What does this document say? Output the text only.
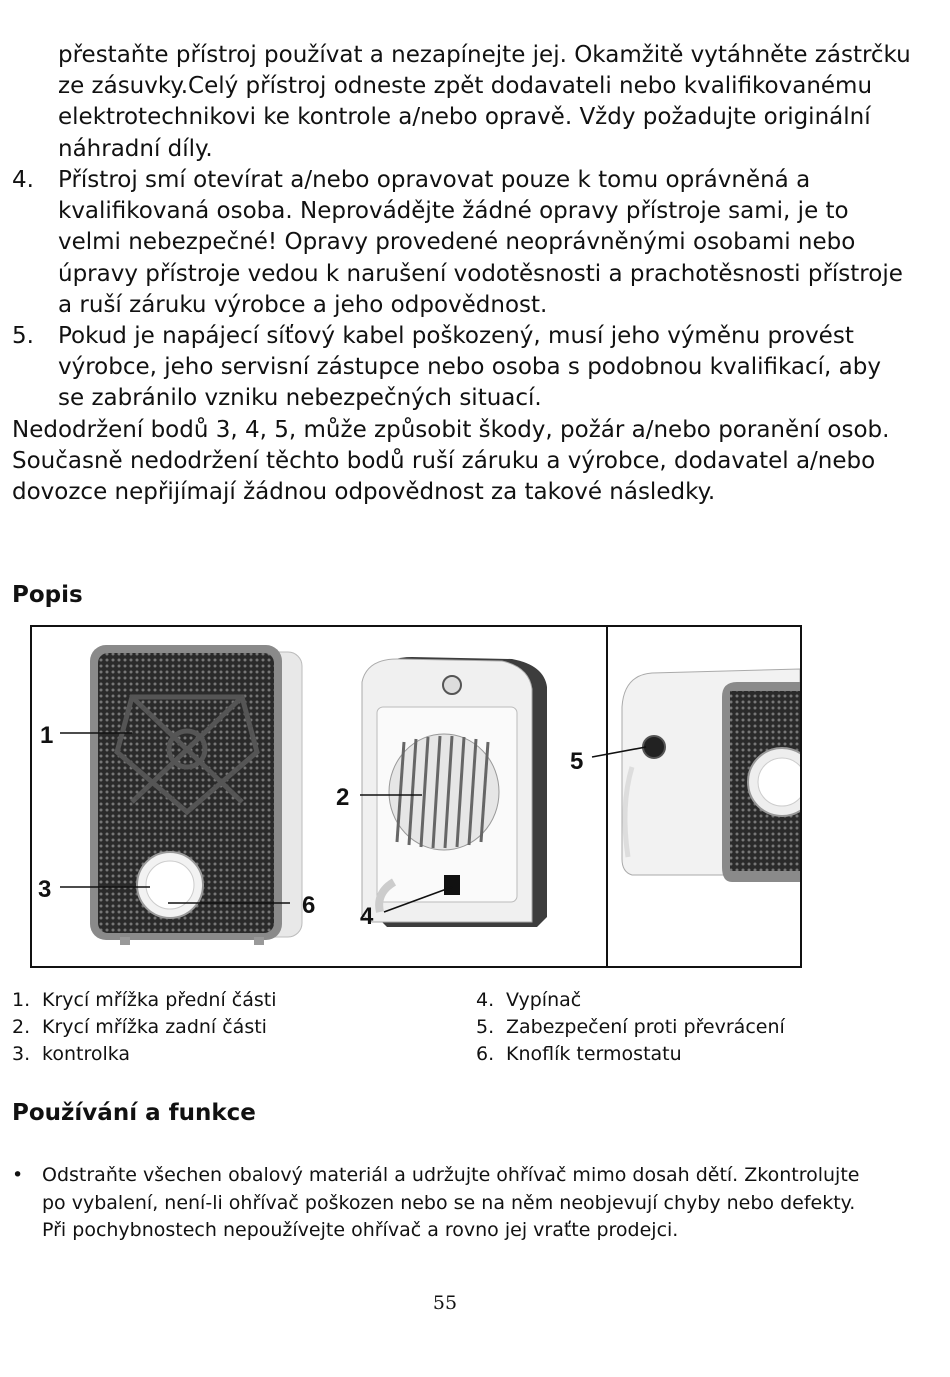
přestaňte přístroj používat a nezapínejte jej. Okamžitě vytáhněte zástrčku ze zásuvky.Celý přístroj odneste zpět dodavateli nebo kvalifikovanému elektrotechnikovi ke kontrole a/nebo opravě. Vždy požadujte originální náhradní díly.

4. Přístroj smí otevírat a/nebo opravovat pouze k tomu oprávněná a kvalifikovaná osoba. Neprovádějte žádné opravy přístroje sami, je to velmi nebezpečné! Opravy provedené neoprávněnými osobami nebo úpravy přístroje vedou k narušení vodotěsnosti a prachotěsnosti přístroje a ruší záruku výrobce a jeho odpovědnost.

5. Pokud je napájecí síťový kabel poškozený, musí jeho výměnu provést výrobce, jeho servisní zástupce nebo osoba s podobnou kvalifikací, aby se zabránilo vzniku nebezpečných situací.

Nedodržení bodů 3, 4, 5, může způsobit škody, požár a/nebo poranění osob. Současně nedodržení těchto bodů ruší záruku a výrobce, dodavatel a/nebo dovozce nepřijímají žádnou odpovědnost za takové následky.

Popis
1
2
3
4
5
6
1. Krycí mřížka přední části
2. Krycí mřížka zadní části
3. kontrolka
4. Vypínač
5. Zabezpečení proti převrácení
6. Knoflík termostatu
Používání a funkce
• Odstraňte všechen obalový materiál a udržujte ohřívač mimo dosah dětí. Zkontrolujte po vybalení, není-li ohřívač poškozen nebo se na něm neobjevují chyby nebo defekty. Při pochybnostech nepoužívejte ohřívač a rovno jej vraťte prodejci.

55
